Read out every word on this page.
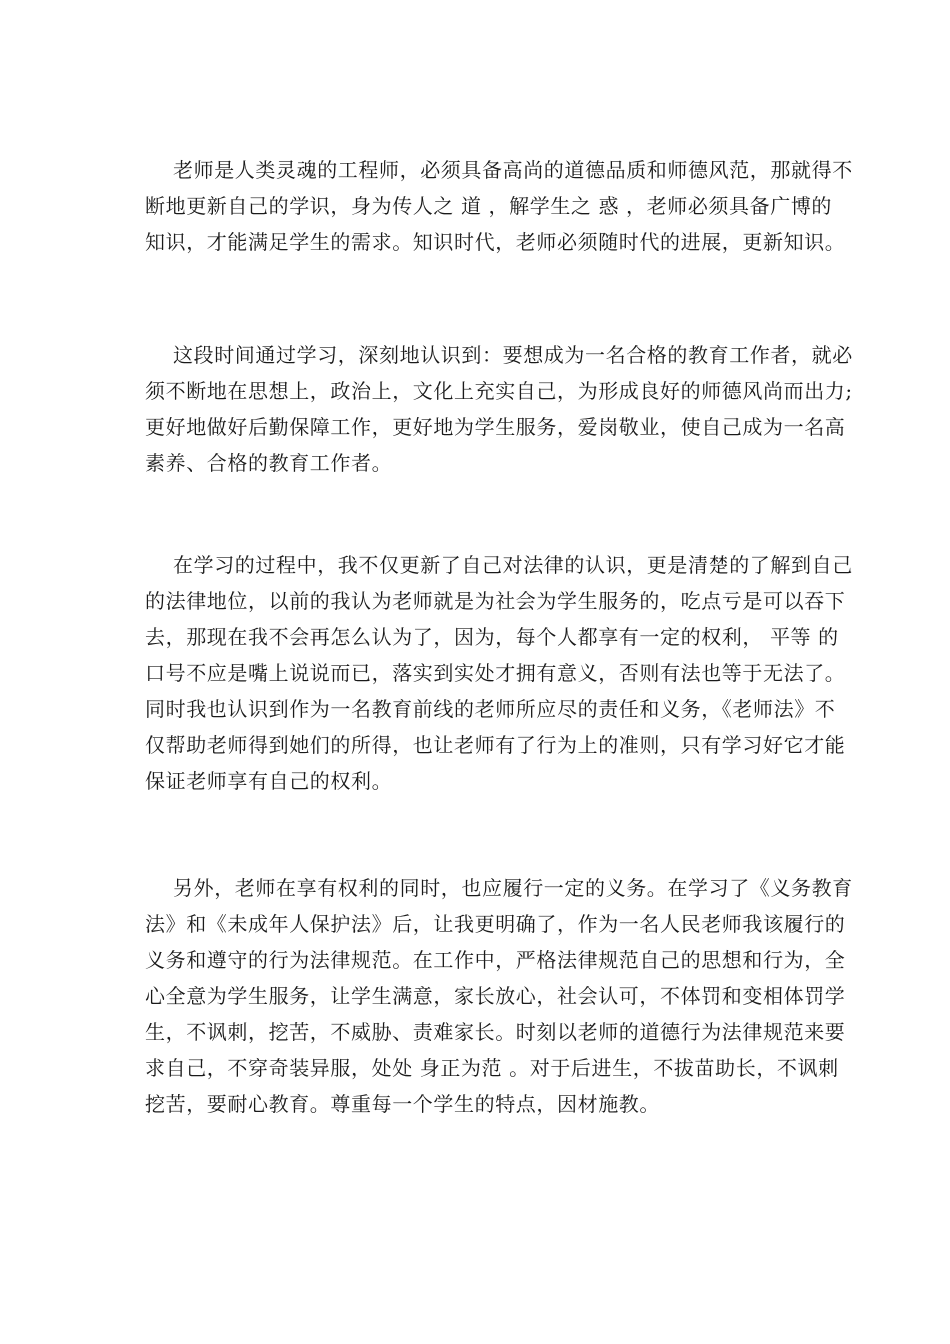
老师是人类灵魂的工程师，必须具备高尚的道德品质和师德风范，那就得不
断地更新自己的学识，身为传人之 道 ，解学生之 惑 ，老师必须具备广博的
知识，才能满足学生的需求。知识时代，老师必须随时代的进展，更新知识。
这段时间通过学习，深刻地认识到：要想成为一名合格的教育工作者，就必
须不断地在思想上，政治上，文化上充实自己，为形成良好的师德风尚而出力;
更好地做好后勤保障工作，更好地为学生服务，爱岗敬业，使自己成为一名高
素养、合格的教育工作者。
在学习的过程中，我不仅更新了自己对法律的认识，更是清楚的了解到自己
的法律地位，以前的我认为老师就是为社会为学生服务的，吃点亏是可以吞下
去，那现在我不会再怎么认为了，因为，每个人都享有一定的权利， 平等 的
口号不应是嘴上说说而已，落实到实处才拥有意义，否则有法也等于无法了。
同时我也认识到作为一名教育前线的老师所应尽的责任和义务，《老师法》不
仅帮助老师得到她们的所得，也让老师有了行为上的准则，只有学习好它才能
保证老师享有自己的权利。
另外，老师在享有权利的同时，也应履行一定的义务。在学习了《义务教育
法》和《未成年人保护法》后，让我更明确了，作为一名人民老师我该履行的
义务和遵守的行为法律规范。在工作中，严格法律规范自己的思想和行为，全
心全意为学生服务，让学生满意，家长放心，社会认可，不体罚和变相体罚学
生，不讽刺，挖苦，不威胁、责难家长。时刻以老师的道德行为法律规范来要
求自己，不穿奇装异服，处处 身正为范 。对于后进生，不拔苗助长，不讽刺
挖苦，要耐心教育。尊重每一个学生的特点，因材施教。
